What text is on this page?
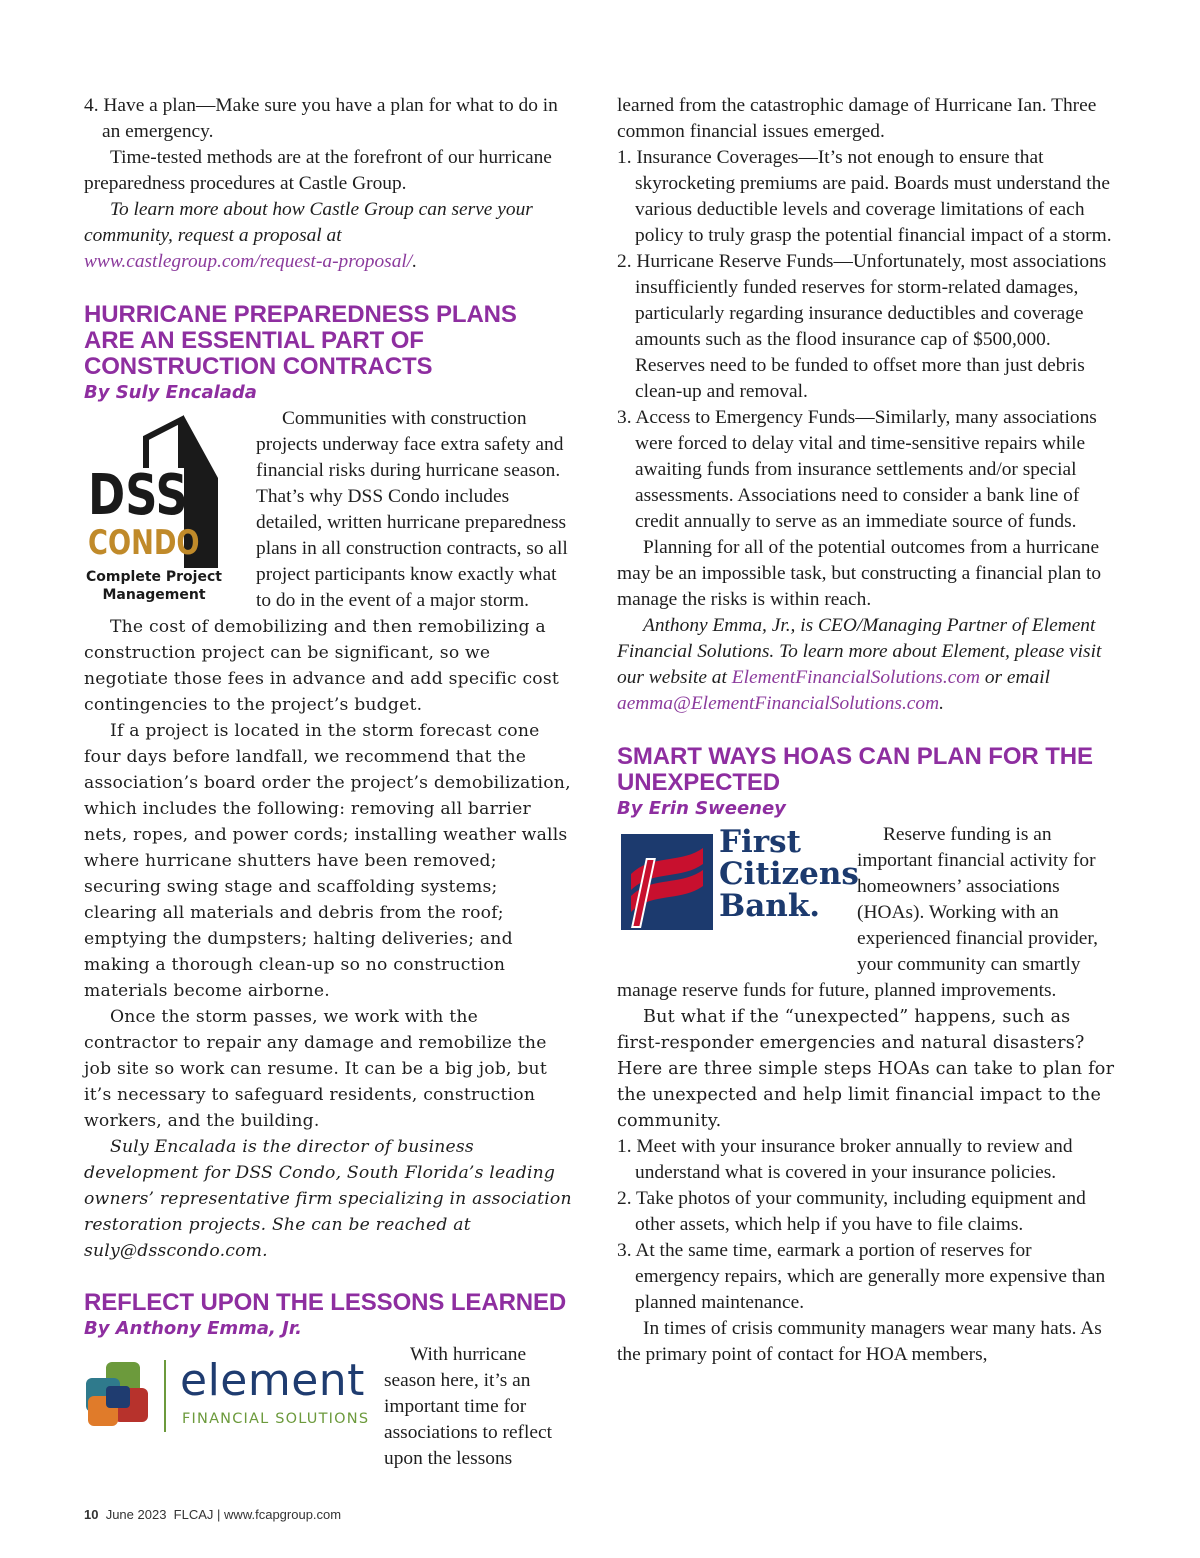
4. Have a plan—Make sure you have a plan for what to do in an emergency.

Time-tested methods are at the forefront of our hurricane preparedness procedures at Castle Group.

To learn more about how Castle Group can serve your community, request a proposal at www.castlegroup.com/request-a-proposal/.

HURRICANE PREPAREDNESS PLANS ARE AN ESSENTIAL PART OF CONSTRUCTION CONTRACTS
By Suly Encalada
DSS
CONDO
Complete Project
Management

Communities with construction projects underway face extra safety and financial risks during hurricane season. That’s why DSS Condo includes detailed, written hurricane preparedness plans in all construction contracts, so all project participants know exactly what to do in the event of a major storm.

The cost of demobilizing and then remobilizing a construction project can be significant, so we negotiate those fees in advance and add specific cost contingencies to the project’s budget.

If a project is located in the storm forecast cone four days before landfall, we recommend that the association’s board order the project’s demobilization, which includes the following: removing all barrier nets, ropes, and power cords; installing weather walls where hurricane shutters have been removed; securing swing stage and scaffolding systems; clearing all materials and debris from the roof; emptying the dumpsters; halting deliveries; and making a thorough clean-up so no construction materials become airborne.

Once the storm passes, we work with the contractor to repair any damage and remobilize the job site so work can resume. It can be a big job, but it’s necessary to safeguard residents, construction workers, and the building.

Suly Encalada is the director of business development for DSS Condo, South Florida’s leading owners’ representative firm specializing in association restoration projects. She can be reached at suly@dsscondo.com.

REFLECT UPON THE LESSONS LEARNED
By Anthony Emma, Jr.
element
FINANCIAL SOLUTIONS

With hurricane season here, it’s an important time for associations to reflect upon the lessons

learned from the catastrophic damage of Hurricane Ian. Three common financial issues emerged.

1. Insurance Coverages—It’s not enough to ensure that skyrocketing premiums are paid. Boards must understand the various deductible levels and coverage limitations of each policy to truly grasp the potential financial impact of a storm.

2. Hurricane Reserve Funds—Unfortunately, most associations insufficiently funded reserves for storm-related damages, particularly regarding insurance deductibles and coverage amounts such as the flood insurance cap of $500,000. Reserves need to be funded to offset more than just debris clean-up and removal.

3. Access to Emergency Funds—Similarly, many associations were forced to delay vital and time-sensitive repairs while awaiting funds from insurance settlements and/or special assessments. Associations need to consider a bank line of credit annually to serve as an immediate source of funds.

Planning for all of the potential outcomes from a hurricane may be an impossible task, but constructing a financial plan to manage the risks is within reach.

Anthony Emma, Jr., is CEO/Managing Partner of Element Financial Solutions. To learn more about Element, please visit our website at ElementFinancialSolutions.com or email aemma@ElementFinancialSolutions.com.

SMART WAYS HOAS CAN PLAN FOR THE UNEXPECTED
By Erin Sweeney
First
Citizens
Bank.

Reserve funding is an important financial activity for homeowners’ associations (HOAs). Working with an experienced financial provider, your community can smartly manage reserve funds for future, planned improvements.

But what if the “unexpected” happens, such as first-responder emergencies and natural disasters? Here are three simple steps HOAs can take to plan for the unexpected and help limit financial impact to the community.

1. Meet with your insurance broker annually to review and understand what is covered in your insurance policies.

2. Take photos of your community, including equipment and other assets, which help if you have to file claims.

3. At the same time, earmark a portion of reserves for emergency repairs, which are generally more expensive than planned maintenance.

In times of crisis community managers wear many hats. As the primary point of contact for HOA members,

10 June 2023 FLCAJ | www.fcapgroup.com
